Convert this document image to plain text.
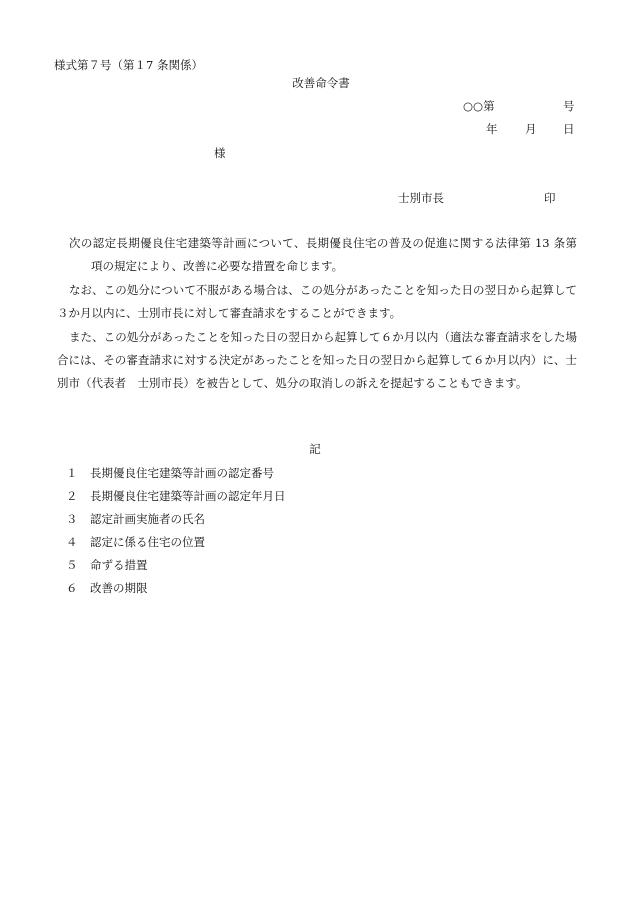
様式第７号（第１7 条関係）
改善命令書
○○第	号
年 月 日
様
士別市長	印

次の認定長期優良住宅建築等計画について、長期優良住宅の普及の促進に関する法律第 13 条第項の規定により、改善に必要な措置を命じます。

なお、この処分について不服がある場合は、この処分があったことを知った日の翌日から起算して３か月以内に、士別市長に対して審査請求をすることができます。

また、この処分があったことを知った日の翌日から起算して６か月以内（適法な審査請求をした場合には、その審査請求に対する決定があったことを知った日の翌日から起算して６か月以内）に、士別市（代表者　士別市長）を被告として、処分の取消しの訴えを提起することもできます。

記
１ 長期優良住宅建築等計画の認定番号
２ 長期優良住宅建築等計画の認定年月日
３ 認定計画実施者の氏名
４ 認定に係る住宅の位置
５ 命ずる措置
６ 改善の期限
